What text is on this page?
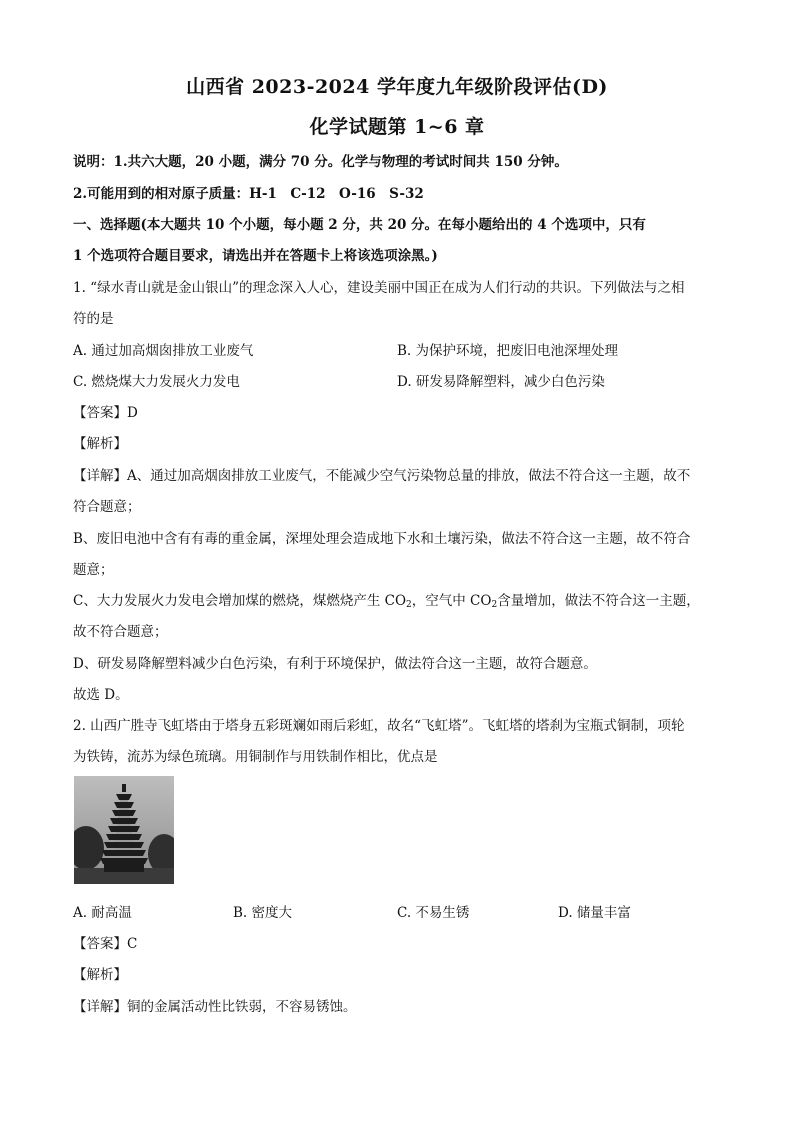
山西省 2023-2024 学年度九年级阶段评估(D)
化学试题第 1~6 章
说明：1.共六大题，20 小题，满分 70 分。化学与物理的考试时间共 150 分钟。
2.可能用到的相对原子质量：H-1　C-12　O-16　S-32
一、选择题(本大题共 10 个小题，每小题 2 分，共 20 分。在每小题给出的 4 个选项中，只有
1 个选项符合题目要求，请选出并在答题卡上将该选项涂黑。)
1. “绿水青山就是金山银山”的理念深入人心，建设美丽中国正在成为人们行动的共识。下列做法与之相
符的是
A. 通过加高烟囱排放工业废气	B. 为保护环境，把废旧电池深埋处理
C. 燃烧煤大力发展火力发电	D. 研发易降解塑料，减少白色污染
【答案】D
【解析】
【详解】A、通过加高烟囱排放工业废气，不能减少空气污染物总量的排放，做法不符合这一主题，故不
符合题意；
B、废旧电池中含有有毒的重金属，深埋处理会造成地下水和土壤污染，做法不符合这一主题，故不符合
题意；
C、大力发展火力发电会增加煤的燃烧，煤燃烧产生 $CO_2$，空气中 $CO_2$含量增加，做法不符合这一主题，
故不符合题意；
D、研发易降解塑料减少白色污染，有利于环境保护，做法符合这一主题，故符合题意。
故选 D。
2. 山西广胜寺飞虹塔由于塔身五彩斑斓如雨后彩虹，故名“飞虹塔”。飞虹塔的塔刹为宝瓶式铜制，项轮
为铁铸，流苏为绿色琉璃。用铜制作与用铁制作相比，优点是
A. 耐高温	B. 密度大	C. 不易生锈	D. 储量丰富
【答案】C
【解析】
【详解】铜的金属活动性比铁弱，不容易锈蚀。
